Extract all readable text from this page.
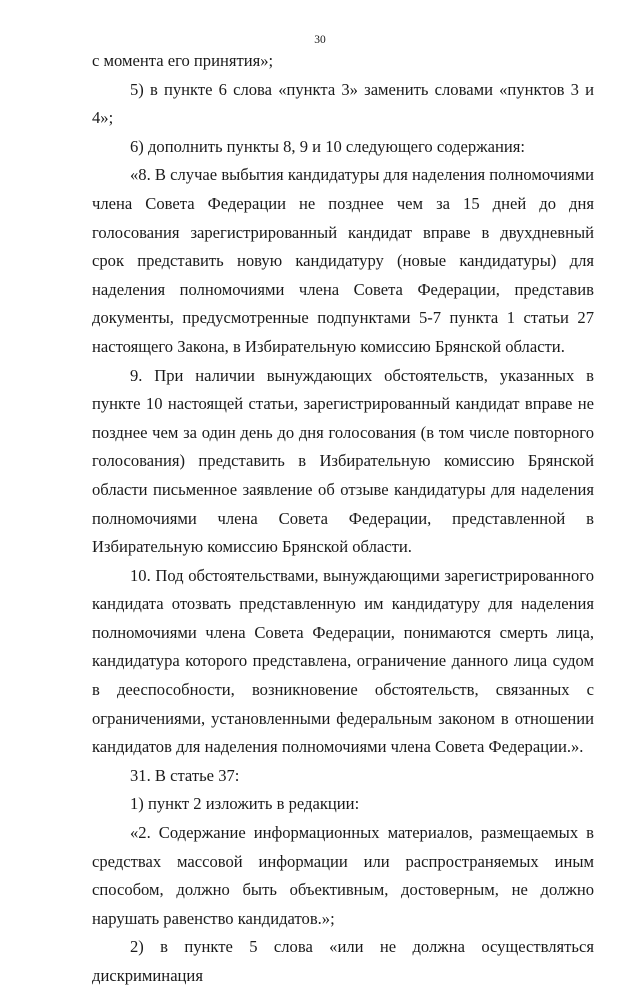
30

с момента его принятия»;

5) в пункте 6 слова «пункта 3» заменить словами «пунктов 3 и 4»;

6) дополнить пункты 8, 9 и 10 следующего содержания:

«8. В случае выбытия кандидатуры для наделения полномочиями члена Совета Федерации не позднее чем за 15 дней до дня голосования зарегистрированный кандидат вправе в двухдневный срок представить новую кандидатуру (новые кандидатуры) для наделения полномочиями члена Совета Федерации, представив документы, предусмотренные подпунктами 5-7 пункта 1 статьи 27 настоящего Закона, в Избирательную комиссию Брянской области.

9. При наличии вынуждающих обстоятельств, указанных в пункте 10 настоящей статьи, зарегистрированный кандидат вправе не позднее чем за один день до дня голосования (в том числе повторного голосования) представить в Избирательную комиссию Брянской области письменное заявление об отзыве кандидатуры для наделения полномочиями члена Совета Федерации, представленной в Избирательную комиссию Брянской области.

10. Под обстоятельствами, вынуждающими зарегистрированного кандидата отозвать представленную им кандидатуру для наделения полномочиями члена Совета Федерации, понимаются смерть лица, кандидатура которого представлена, ограничение данного лица судом в дееспособности, возникновение обстоятельств, связанных с ограничениями, установленными федеральным законом в отношении кандидатов для наделения полномочиями члена Совета Федерации.».

31. В статье 37:

1) пункт 2 изложить в редакции:

«2. Содержание информационных материалов, размещаемых в средствах массовой информации или распространяемых иным способом, должно быть объективным, достоверным, не должно нарушать равенство кандидатов.»;

2) в пункте 5 слова «или не должна осуществляться дискриминация
